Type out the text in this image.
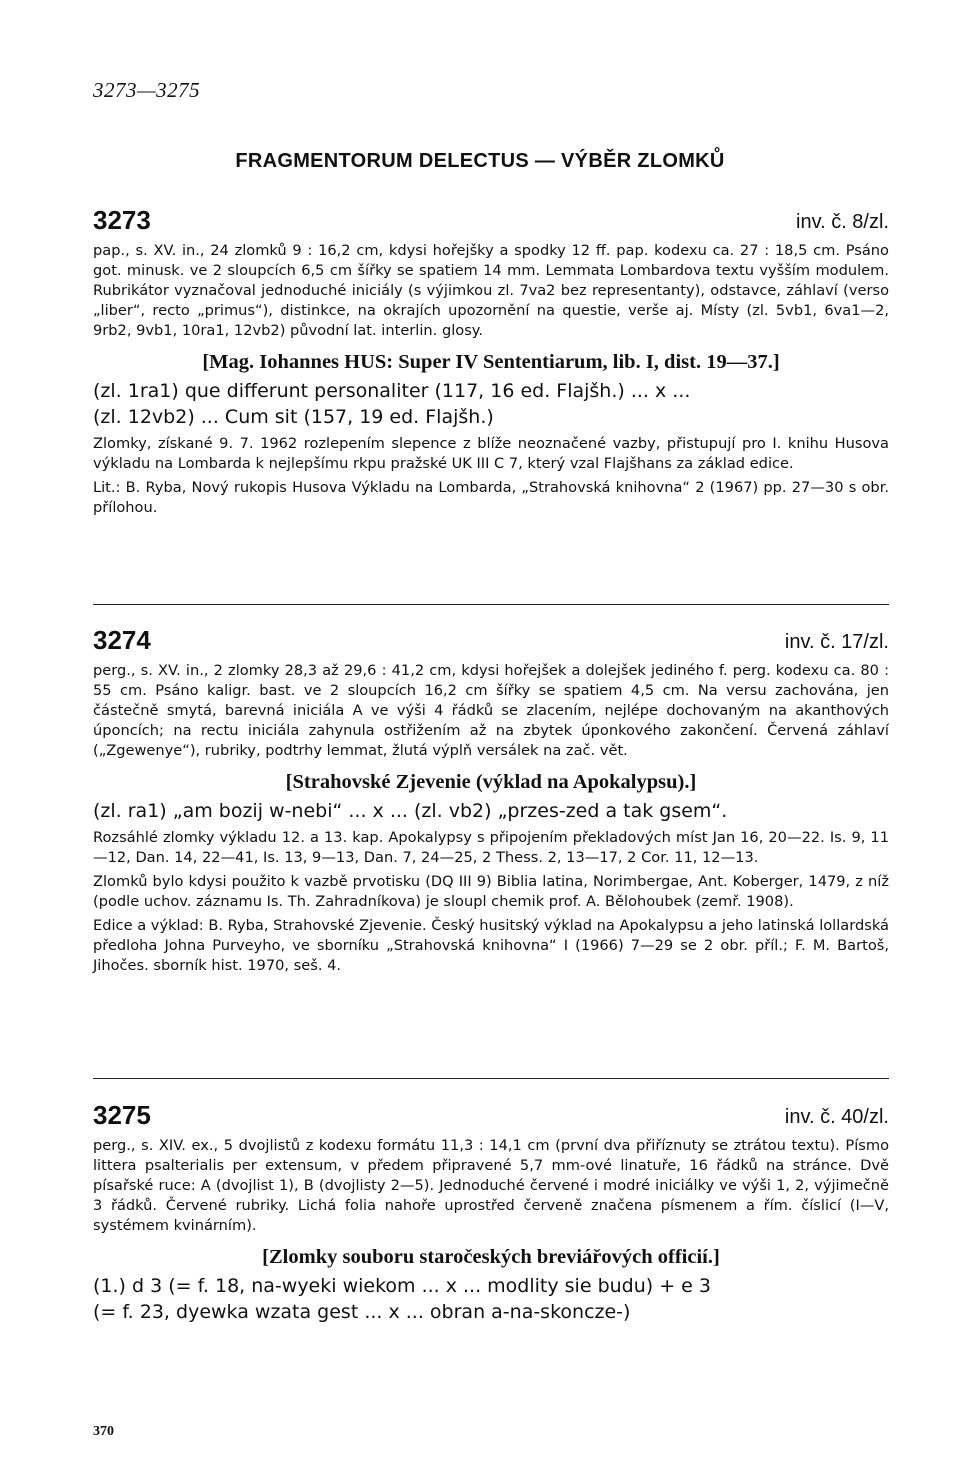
3273—3275
FRAGMENTORUM DELECTUS — VÝBĚR ZLOMKŮ
3273	inv. č. 8/zl.

pap., s. XV. in., 24 zlomků 9 : 16,2 cm, kdysi hořejšky a spodky 12 ff. pap. kodexu ca. 27 : 18,5 cm. Psáno got. minusk. ve 2 sloupcích 6,5 cm šířky se spatiem 14 mm. Lemmata Lombardova textu vyšším modulem. Rubrikátor vyznačoval jednoduché iniciály (s výjimkou zl. 7va2 bez representanty), odstavce, záhlaví (verso „liber“, recto „primus“), distinkce, na okrajích upozornění na questie, verše aj. Místy (zl. 5vb1, 6va1—2, 9rb2, 9vb1, 10ra1, 12vb2) původní lat. interlin. glosy.

[Mag. Iohannes HUS: Super IV Sententiarum, lib. I, dist. 19—37.]

(zl. 1ra1) que differunt personaliter (117, 16 ed. Flajšh.) ... x ...

(zl. 12vb2) ... Cum sit (157, 19 ed. Flajšh.)

Zlomky, získané 9. 7. 1962 rozlepením slepence z blíže neoznačené vazby, přistupují pro I. knihu Husova výkladu na Lombarda k nejlepšímu rkpu pražské UK III C 7, který vzal Flajšhans za základ edice.

Lit.: B. Ryba, Nový rukopis Husova Výkladu na Lombarda, „Strahovská knihovna“ 2 (1967) pp. 27—30 s obr. přílohou.

3274	inv. č. 17/zl.

perg., s. XV. in., 2 zlomky 28,3 až 29,6 : 41,2 cm, kdysi hořejšek a dolejšek jediného f. perg. kodexu ca. 80 : 55 cm. Psáno kaligr. bast. ve 2 sloupcích 16,2 cm šířky se spatiem 4,5 cm. Na versu zachována, jen částečně smytá, barevná iniciála A ve výši 4 řádků se zlacením, nejlépe dochovaným na akanthových úponcích; na rectu iniciála zahynula ostřižením až na zbytek úponkového zakončení. Červená záhlaví („Zgewenye“), rubriky, podtrhy lemmat, žlutá výplň versálek na zač. vět.

[Strahovské Zjevenie (výklad na Apokalypsu).]

(zl. ra1) „am bozij w-nebi“ ... x ... (zl. vb2) „przes-zed a tak gsem“.

Rozsáhlé zlomky výkladu 12. a 13. kap. Apokalypsy s připojením překladových míst Jan 16, 20—22. Is. 9, 11—12, Dan. 14, 22—41, Is. 13, 9—13, Dan. 7, 24—25, 2 Thess. 2, 13—17, 2 Cor. 11, 12—13.

Zlomků bylo kdysi použito k vazbě prvotisku (DQ III 9) Biblia latina, Norimbergae, Ant. Koberger, 1479, z níž (podle uchov. záznamu Is. Th. Zahradníkova) je sloupl chemik prof. A. Bělohoubek (zemř. 1908).

Edice a výklad: B. Ryba, Strahovské Zjevenie. Český husitský výklad na Apokalypsu a jeho latinská lollardská předloha Johna Purveyho, ve sborníku „Strahovská knihovna“ I (1966) 7—29 se 2 obr. příl.; F. M. Bartoš, Jihočes. sborník hist. 1970, seš. 4.

3275	inv. č. 40/zl.

perg., s. XIV. ex., 5 dvojlistů z kodexu formátu 11,3 : 14,1 cm (první dva přiříznuty se ztrátou textu). Písmo littera psalterialis per extensum, v předem připravené 5,7 mm-ové linatuře, 16 řádků na stránce. Dvě písařské ruce: A (dvojlist 1), B (dvojlisty 2—5). Jednoduché červené i modré iniciálky ve výši 1, 2, výjimečně 3 řádků. Červené rubriky. Lichá folia nahoře uprostřed červeně značena písmenem a řím. číslicí (I—V, systémem kvinárním).

[Zlomky souboru staročeských breviářových officií.]

(1.) d 3 (= f. 18, na-wyeki wiekom ... x ... modlity sie budu) + e 3

(= f. 23, dyewka wzata gest ... x ... obran a-na-skoncze-)

370
